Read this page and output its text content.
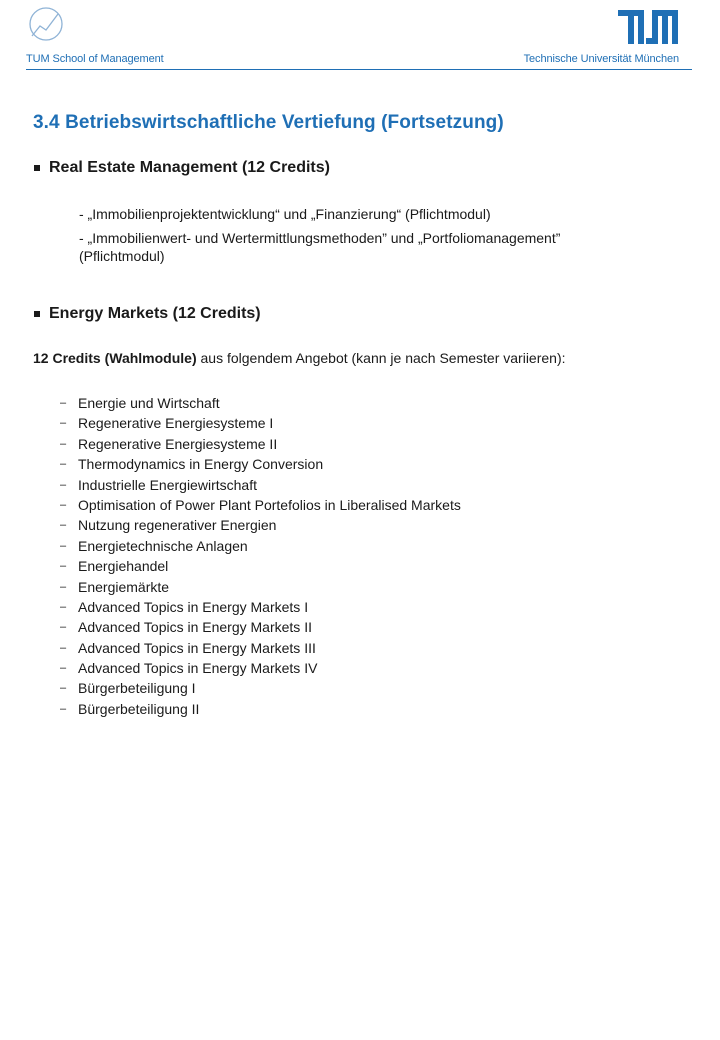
TUM School of Management	Technische Universität München
3.4 Betriebswirtschaftliche Vertiefung (Fortsetzung)
Real Estate Management (12 Credits)
- „Immobilienprojektentwicklung“ und „Finanzierung“ (Pflichtmodul)
- „Immobilienwert- und Wertermittlungsmethoden” und „Portfoliomanagement” (Pflichtmodul)
Energy Markets (12 Credits)
12 Credits (Wahlmodule) aus folgendem Angebot (kann je nach Semester variieren):
– Energie und Wirtschaft
– Regenerative Energiesysteme I
– Regenerative Energiesysteme II
– Thermodynamics in Energy Conversion
– Industrielle Energiewirtschaft
– Optimisation of Power Plant Portefolios in Liberalised Markets
– Nutzung regenerativer Energien
– Energietechnische Anlagen
– Energiehandel
– Energiemärkte
– Advanced Topics in Energy Markets I
– Advanced Topics in Energy Markets II
– Advanced Topics in Energy Markets III
– Advanced Topics in Energy Markets IV
– Bürgerbeteiligung I
– Bürgerbeteiligung II
